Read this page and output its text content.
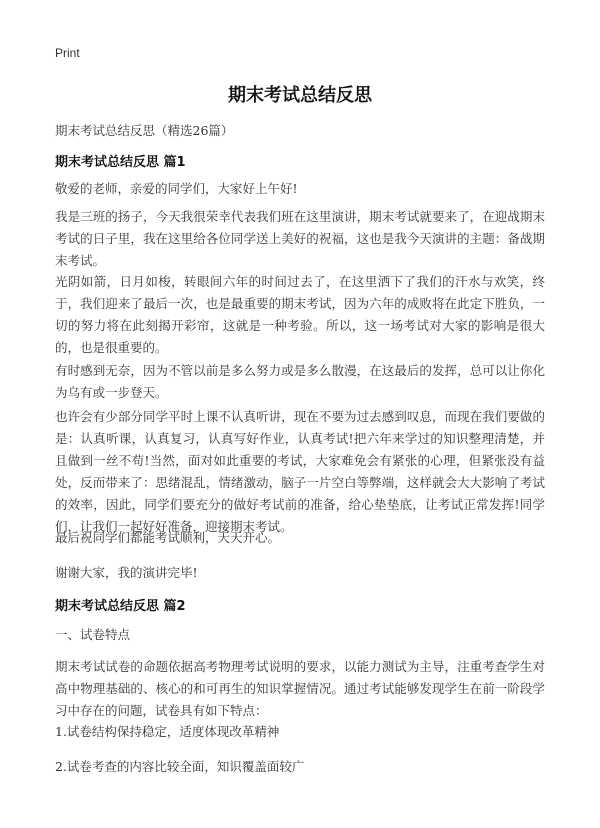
Print
期末考试总结反思

期末考试总结反思（精选26篇）

期末考试总结反思 篇1

敬爱的老师，亲爱的同学们，大家好上午好!

我是三班的扬子，今天我很荣幸代表我们班在这里演讲，期末考试就要来了，在迎战期末考试的日子里，我在这里给各位同学送上美好的祝福，这也是我今天演讲的主题：备战期末考试。

光阴如箭，日月如梭，转眼间六年的时间过去了，在这里洒下了我们的汗水与欢笑，终于，我们迎来了最后一次，也是最重要的期末考试，因为六年的成败将在此定下胜负，一切的努力将在此刻揭开彩帘，这就是一种考验。所以，这一场考试对大家的影响是很大的，也是很重要的。

有时感到无奈，因为不管以前是多么努力或是多么散漫，在这最后的发挥，总可以让你化为乌有或一步登天。

也许会有少部分同学平时上课不认真听讲，现在不要为过去感到叹息，而现在我们要做的是：认真听课，认真复习，认真写好作业，认真考试!把六年来学过的知识整理清楚，并且做到一丝不苟!当然，面对如此重要的考试，大家难免会有紧张的心理，但紧张没有益处，反而带来了：思绪混乱，情绪激动，脑子一片空白等弊端，这样就会大大影响了考试的效率，因此，同学们要充分的做好考试前的准备，给心垫垫底，让考试正常发挥!同学们，让我们一起好好准备，迎接期末考试。

最后祝同学们都能考试顺利，天天开心。

谢谢大家，我的演讲完毕!

期末考试总结反思 篇2

一、试卷特点

期末考试试卷的命题依据高考物理考试说明的要求，以能力测试为主导，注重考查学生对高中物理基础的、核心的和可再生的知识掌握情况。通过考试能够发现学生在前一阶段学习中存在的问题，试卷具有如下特点：

1.试卷结构保持稳定，适度体现改革精神

2.试卷考查的内容比较全面，知识覆盖面较广
